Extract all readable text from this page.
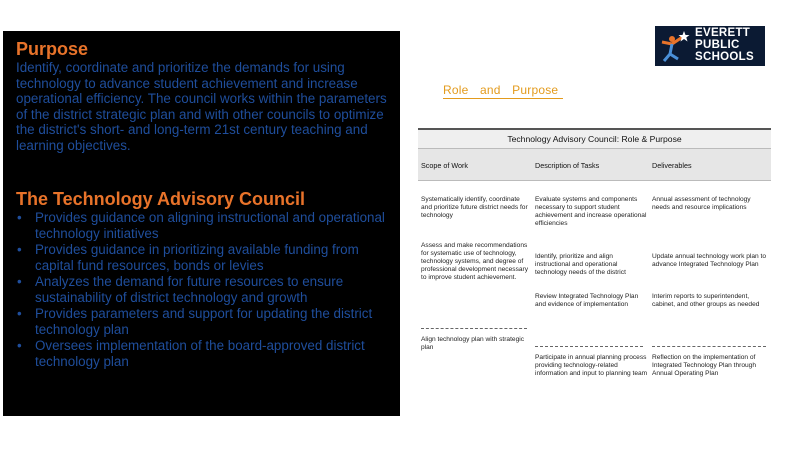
Purpose
Identify, coordinate and prioritize the demands for using technology to advance student achievement and increase operational efficiency. The council works within the parameters of the district strategic plan and with other councils to optimize the district's short- and long-term 21st century teaching and learning objectives.
The Technology Advisory Council
• Provides guidance on aligning instructional and operational technology initiatives
• Provides guidance in prioritizing available funding from capital fund resources, bonds or levies
• Analyzes the demand for future resources to ensure sustainability of district technology and growth
• Provides parameters and support for updating the district technology plan
• Oversees implementation of the board-approved district technology plan
EVERETT
PUBLIC
SCHOOLS
Role and Purpose
Technology Advisory Council: Role & Purpose
Scope of Work	Description of Tasks	Deliverables
Systematically identify, coordinate and prioritize future district needs for technology
Assess and make recommendations for systematic use of technology, technology systems, and degree of professional development necessary to improve student achievement.
Align technology plan with strategic plan
Evaluate systems and components necessary to support student achievement and increase operational efficiencies
Identify, prioritize and align instructional and operational technology needs of the district
Review Integrated Technology Plan and evidence of implementation
Participate in annual planning process providing technology-related information and input to planning team
Annual assessment of technology needs and resource implications
Update annual technology work plan to advance Integrated Technology Plan
Interim reports to superintendent, cabinet, and other groups as needed
Reflection on the implementation of Integrated Technology Plan through Annual Operating Plan
